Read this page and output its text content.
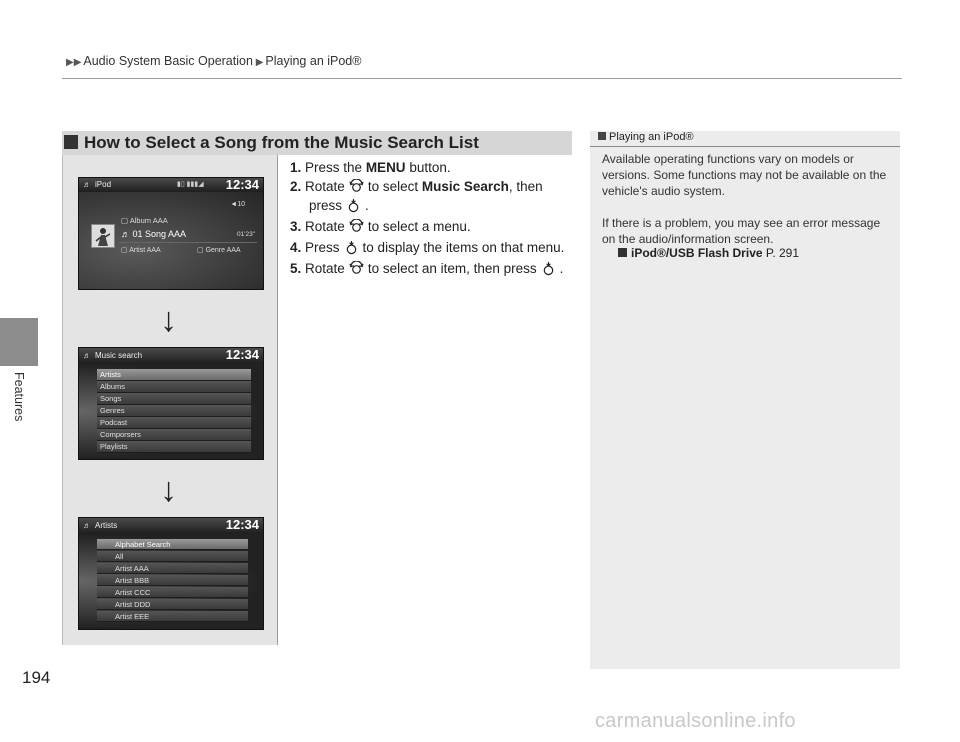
▶▶ Audio System Basic Operation ▶ Playing an iPod®
Features
194
How to Select a Song from the Music Search List
♬ iPod	▮▯ ▮▮▮◢ 12:34
◄10
▢ Album AAA
♬ 01 Song AAA	01'23"
▢ Artist AAA	▢ Genre AAA
↓
♬ Music search	12:34
Artists
Albums
Songs
Genres
Podcast
Comporsers
Playlists
↓
♬ Artists	12:34
Alphabet Search
All
Artist AAA
Artist BBB
Artist CCC
Artist DDD
Artist EEE
1. Press the MENU button.
2. Rotate to select Music Search, then
press .
3. Rotate to select a menu.
4. Press to display the items on that menu.
5. Rotate to select an item, then press .
Playing an iPod®

Available operating functions vary on models or versions. Some functions may not be available on the vehicle's audio system.

If there is a problem, you may see an error message on the audio/information screen.

iPod®/USB Flash Drive P. 291
carmanualsonline.info
